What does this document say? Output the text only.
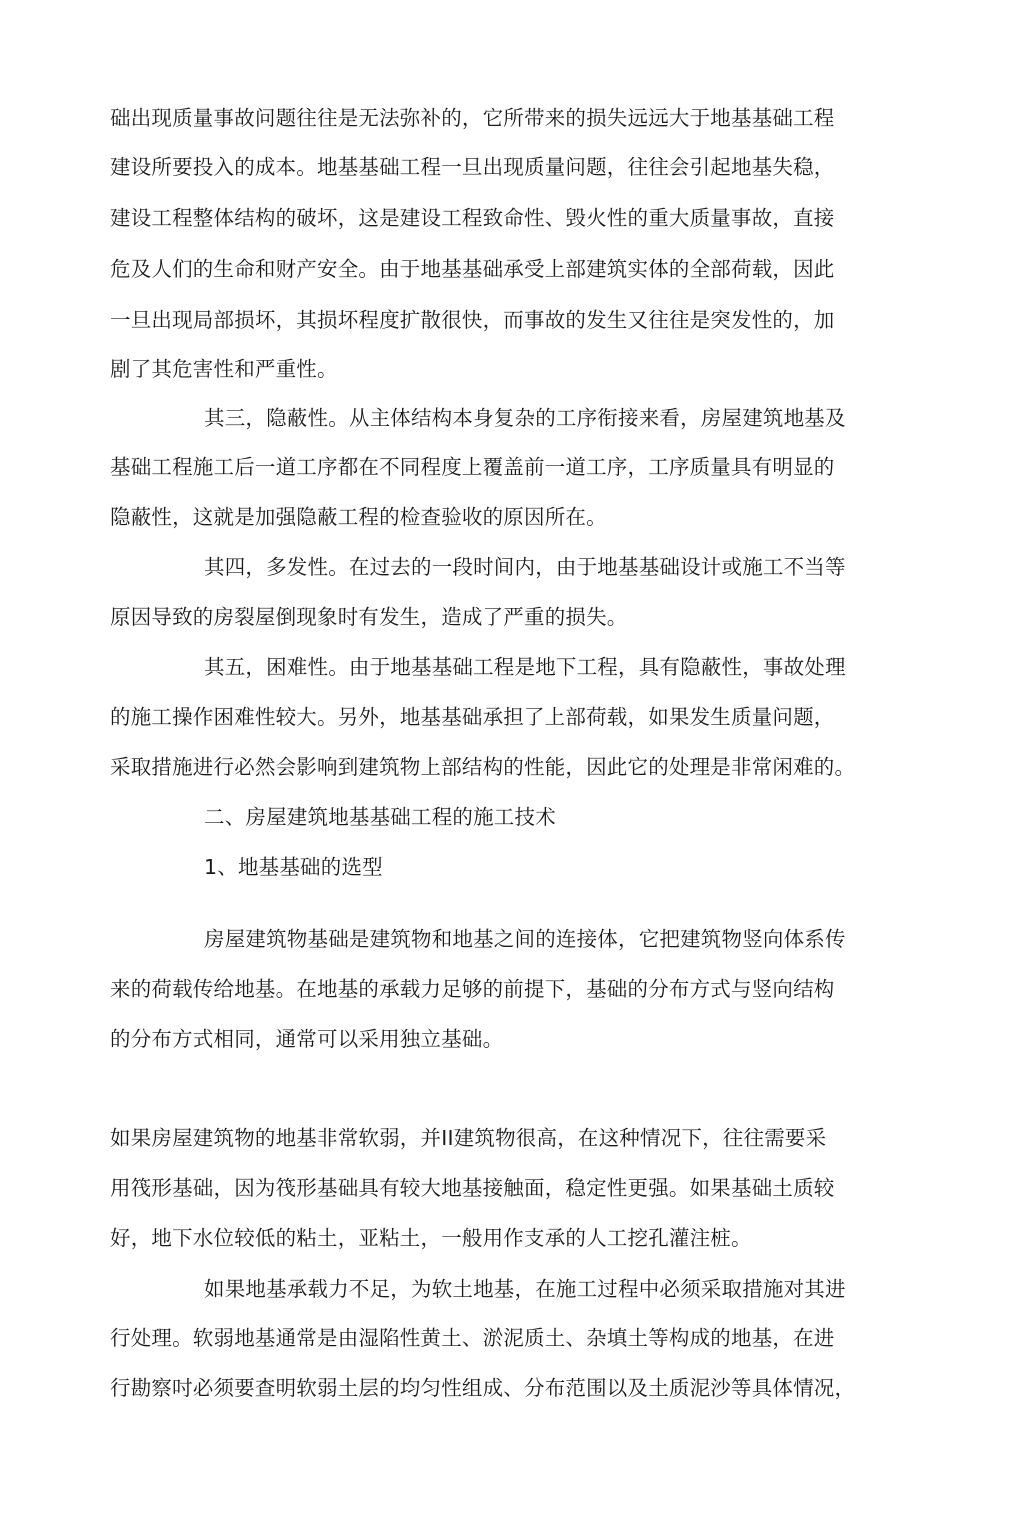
础出现质量事故问题往往是无法弥补的，它所带来的损失远远大于地基基础工程
建设所要投入的成本。地基基础工程一旦出现质量问题，往往会引起地基失稳，
建设工程整体结构的破坏，这是建设工程致命性、毁火性的重大质量事故，直接
危及人们的生命和财产安全。由于地基基础承受上部建筑实体的全部荷载，因此
一旦出现局部损坏，其损坏程度扩散很快，而事故的发生又往往是突发性的，加
剧了其危害性和严重性。
其三，隐蔽性。从主体结构本身复杂的工序衔接来看，房屋建筑地基及
基础工程施工后一道工序都在不同程度上覆盖前一道工序，工序质量具有明显的
隐蔽性，这就是加强隐蔽工程的检查验收的原因所在。
其四，多发性。在过去的一段时间内，由于地基基础设计或施工不当等
原因导致的房裂屋倒现象时有发生，造成了严重的损失。
其五，困难性。由于地基基础工程是地下工程，具有隐蔽性，事故处理
的施工操作困难性较大。另外，地基基础承担了上部荷载，如果发生质量问题，
采取措施进行必然会影响到建筑物上部结构的性能，因此它的处理是非常闲难的。
二、房屋建筑地基基础工程的施工技术
1、地基基础的选型
房屋建筑物基础是建筑物和地基之间的连接体，它把建筑物竖向体系传
来的荷载传给地基。在地基的承载力足够的前提下，基础的分布方式与竖向结构
的分布方式相同，通常可以采用独立基础。
如果房屋建筑物的地基非常软弱，并II建筑物很高，在这种情况下，往往需要采
用筏形基础，因为筏形基础具有较大地基接触面，稳定性更强。如果基础土质较
好，地下水位较低的粘土，亚粘土，一般用作支承的人工挖孔灌注桩。
如果地基承载力不足，为软土地基，在施工过程中必须采取措施对其进
行处理。软弱地基通常是由湿陷性黄土、淤泥质土、杂填土等构成的地基，在进
行勘察吋必须要查明软弱土层的均匀性组成、分布范围以及土质泥沙等具体情况，
